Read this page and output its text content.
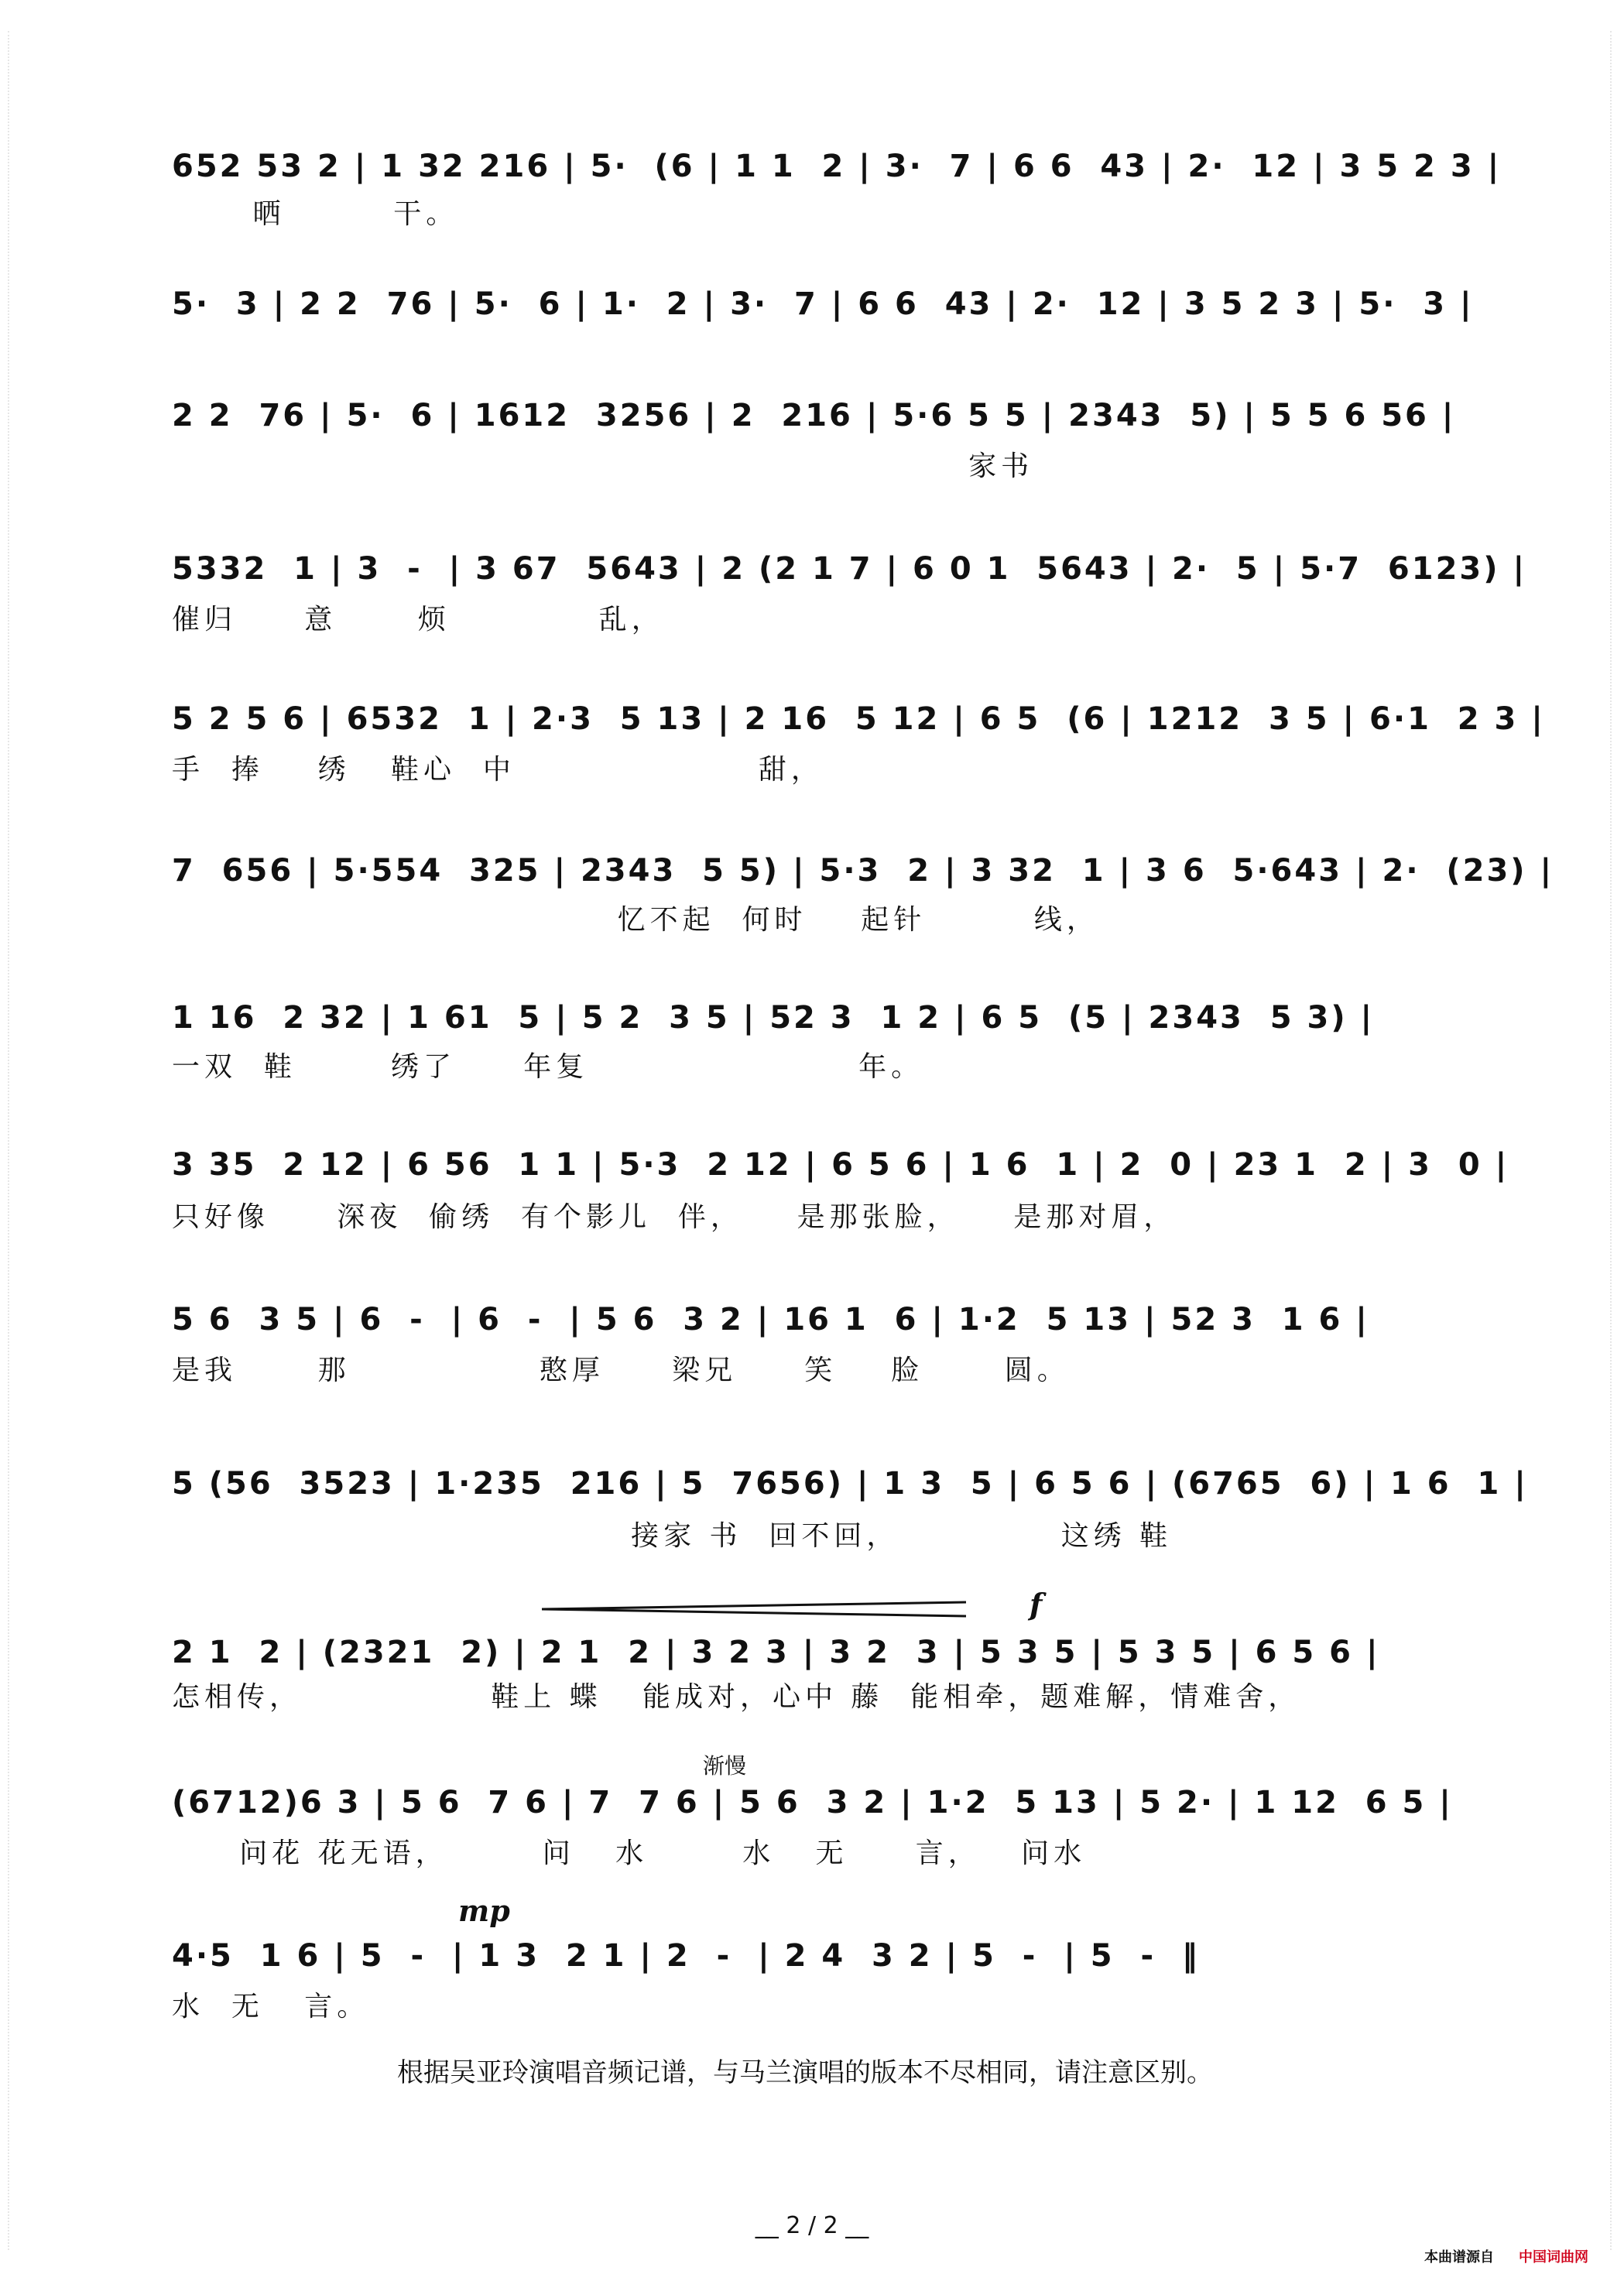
652 53 2 | 1 32 216 | 5·  (6 | 1 1  2 | 3·  7 | 6 6  43 | 2·  12 | 3 5 2 3 |
晒        干。
5·  3 | 2 2  76 | 5·  6 | 1·  2 | 3·  7 | 6 6  43 | 2·  12 | 3 5 2 3 | 5·  3 |
2 2  76 | 5·  6 | 1612  3256 | 2  216 | 5·6 5 5 | 2343  5) | 5 5 6 56 |
家书
5332  1 | 3  -  | 3 67  5643 | 2 (2 1 7 | 6 0 1  5643 | 2·  5 | 5·7  6123) |
催归     意      烦           乱，
5 2 5 6 | 6532  1 | 2·3  5 13 | 2 16  5 12 | 6 5  (6 | 1212  3 5 | 6·1  2 3 |
手  捧    绣   鞋心  中                  甜，
7  656 | 5·554  325 | 2343  5 5) | 5·3  2 | 3 32  1 | 3 6  5·643 | 2·  (23) |
忆不起  何时    起针        线，
1 16  2 32 | 1 61  5 | 5 2  3 5 | 52 3  1 2 | 6 5  (5 | 2343  5 3) |
一双  鞋       绣了     年复                    年。
3 35  2 12 | 6 56  1 1 | 5·3  2 12 | 6 5 6 | 1 6  1 | 2  0 | 23 1  2 | 3  0 |
只好像     深夜  偷绣  有个影儿  伴，    是那张脸，    是那对眉，
5 6  3 5 | 6  -  | 6  -  | 5 6  3 2 | 16 1  6 | 1·2  5 13 | 52 3  1 6 |
是我      那              憨厚     梁兄     笑    脸      圆。
5 (56  3523 | 1·235  216 | 5  7656) | 1 3  5 | 6 5 6 | (6765  6) | 1 6  1 |
接家 书  回不回，            这绣 鞋
f
2 1  2 | (2321  2) | 2 1  2 | 3 2 3 | 3 2  3 | 5 3 5 | 5 3 5 | 6 5 6 |
怎相传，              鞋上 蝶   能成对，心中 藤  能相牵，题难解，情难舍，
渐慢
(6712)6 3 | 5 6  7 6 | 7  7 6 | 5 6  3 2 | 1·2  5 13 | 5 2· | 1 12  6 5 |
问花 花无语，       问   水       水   无     言，   问水
mp
4·5  1 6 | 5  -  | 1 3  2 1 | 2  -  | 2 4  3 2 | 5  -  | 5  -  ‖
水  无   言。
根据吴亚玲演唱音频记谱，与马兰演唱的版本不尽相同，请注意区别。
__ 2 / 2 __
本曲谱源自 中国词曲网
